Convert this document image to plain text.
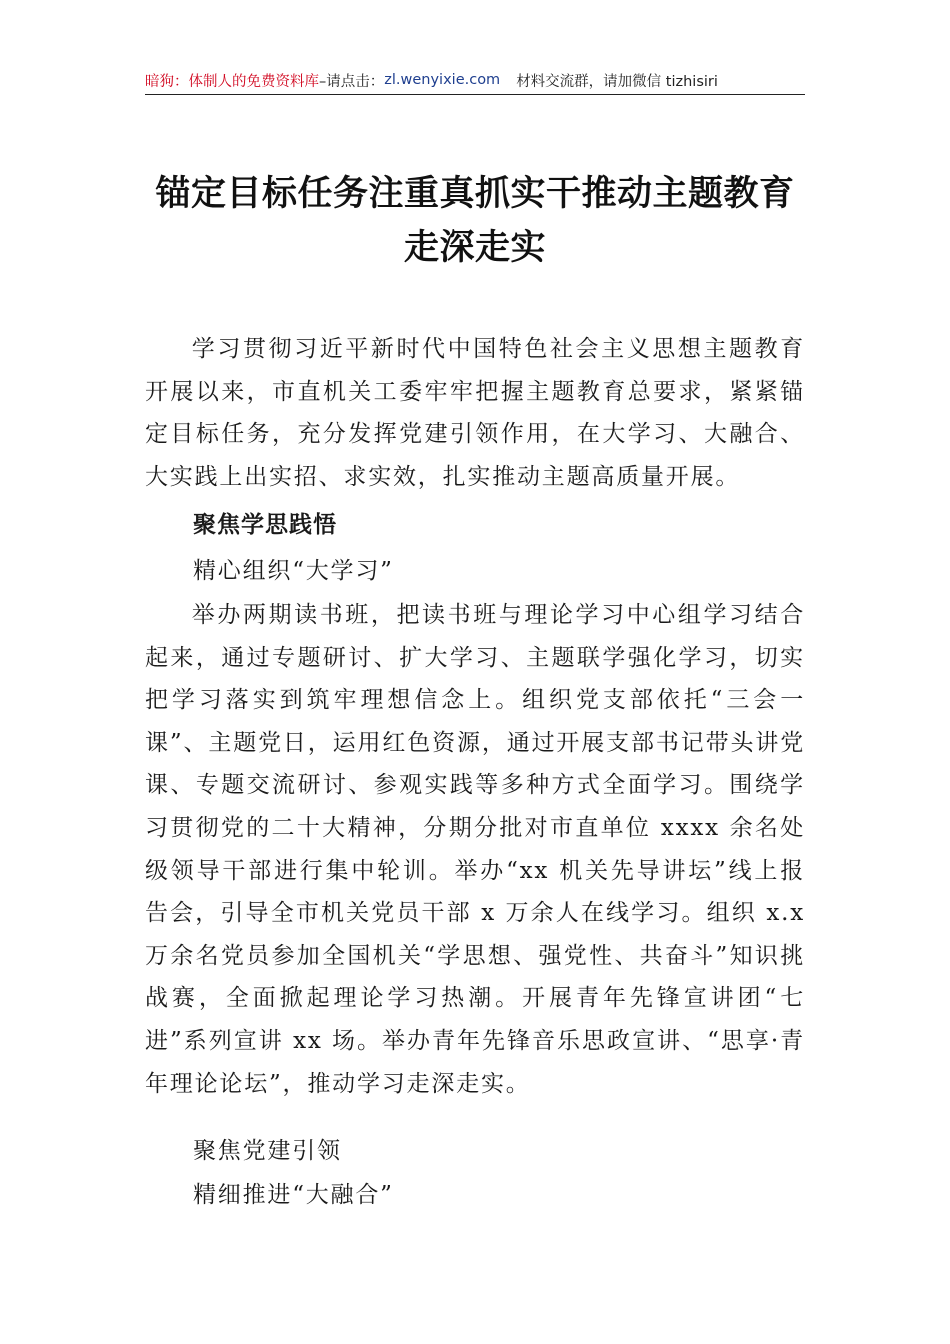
暗狗：体制人的免费资料库 –请点击： zl.wenyixie.com 材料交流群，请加微信 tizhisiri
锚定目标任务注重真抓实干推动主题教育
走深走实
学习贯彻习近平新时代中国特色社会主义思想主题教育开展以来，市直机关工委牢牢把握主题教育总要求，紧紧锚定目标任务，充分发挥党建引领作用，在大学习、大融合、大实践上出实招、求实效，扎实推动主题高质量开展。
聚焦学思践悟
精心组织“大学习”
举办两期读书班，把读书班与理论学习中心组学习结合起来，通过专题研讨、扩大学习、主题联学强化学习，切实把学习落实到筑牢理想信念上。组织党支部依托“三会一课”、主题党日，运用红色资源，通过开展支部书记带头讲党课、专题交流研讨、参观实践等多种方式全面学习。围绕学习贯彻党的二十大精神，分期分批对市直单位 xxxx 余名处级领导干部进行集中轮训。举办“xx 机关先导讲坛”线上报告会，引导全市机关党员干部 x 万余人在线学习。组织 x.x 万余名党员参加全国机关“学思想、强党性、共奋斗”知识挑战赛，全面掀起理论学习热潮。开展青年先锋宣讲团“七进”系列宣讲 xx 场。举办青年先锋音乐思政宣讲、“思享·青年理论论坛”，推动学习走深走实。
聚焦党建引领
精细推进“大融合”
